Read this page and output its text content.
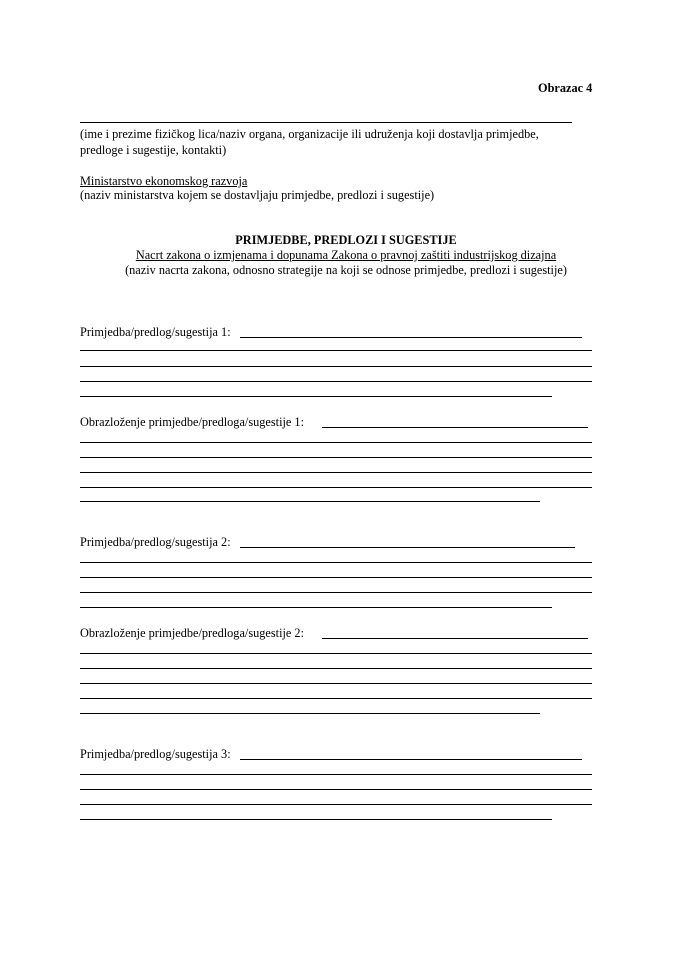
Obrazac 4
(ime i prezime fizičkog lica/naziv organa, organizacije ili udruženja koji dostavlja primjedbe,
predloge i sugestije, kontakti)
Ministarstvo ekonomskog razvoja
(naziv ministarstva kojem se dostavljaju primjedbe, predlozi i sugestije)
PRIMJEDBE, PREDLOZI I SUGESTIJE
Nacrt zakona o izmjenama i dopunama Zakona o pravnoj zaštiti industrijskog dizajna
(naziv nacrta zakona, odnosno strategije na koji se odnose primjedbe, predlozi i sugestije)
Primjedba/predlog/sugestija 1:
Obrazloženje primjedbe/predloga/sugestije 1:
Primjedba/predlog/sugestija 2:
Obrazloženje primjedbe/predloga/sugestije 2:
Primjedba/predlog/sugestija 3:
